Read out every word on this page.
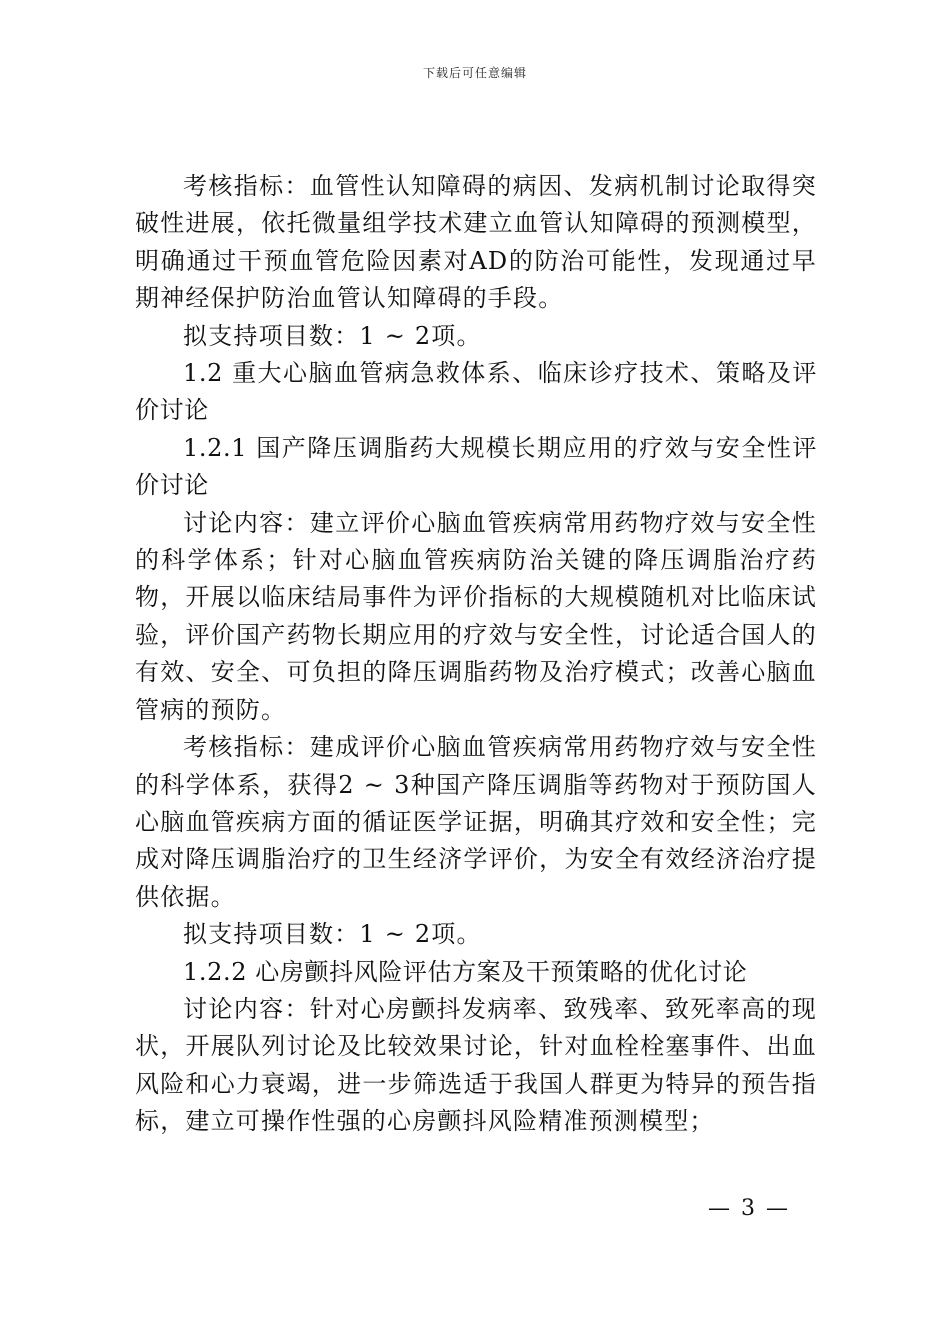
下载后可任意编辑

考核指标：血管性认知障碍的病因、发病机制讨论取得突破性进展，依托微量组学技术建立血管认知障碍的预测模型，明确通过干预血管危险因素对AD的防治可能性，发现通过早期神经保护防治血管认知障碍的手段。

拟支持项目数：1 ~ 2项。

1.2 重大心脑血管病急救体系、临床诊疗技术、策略及评价讨论

1.2.1 国产降压调脂药大规模长期应用的疗效与安全性评价讨论

讨论内容：建立评价心脑血管疾病常用药物疗效与安全性的科学体系；针对心脑血管疾病防治关键的降压调脂治疗药物，开展以临床结局事件为评价指标的大规模随机对比临床试验，评价国产药物长期应用的疗效与安全性，讨论适合国人的有效、安全、可负担的降压调脂药物及治疗模式；改善心脑血管病的预防。

考核指标：建成评价心脑血管疾病常用药物疗效与安全性的科学体系，获得2 ~ 3种国产降压调脂等药物对于预防国人心脑血管疾病方面的循证医学证据，明确其疗效和安全性；完成对降压调脂治疗的卫生经济学评价，为安全有效经济治疗提供依据。

拟支持项目数：1 ~ 2项。

1.2.2 心房颤抖风险评估方案及干预策略的优化讨论

讨论内容：针对心房颤抖发病率、致残率、致死率高的现状，开展队列讨论及比较效果讨论，针对血栓栓塞事件、出血风险和心力衰竭，进一步筛选适于我国人群更为特异的预告指标，建立可操作性强的心房颤抖风险精准预测模型；

— 3 —
